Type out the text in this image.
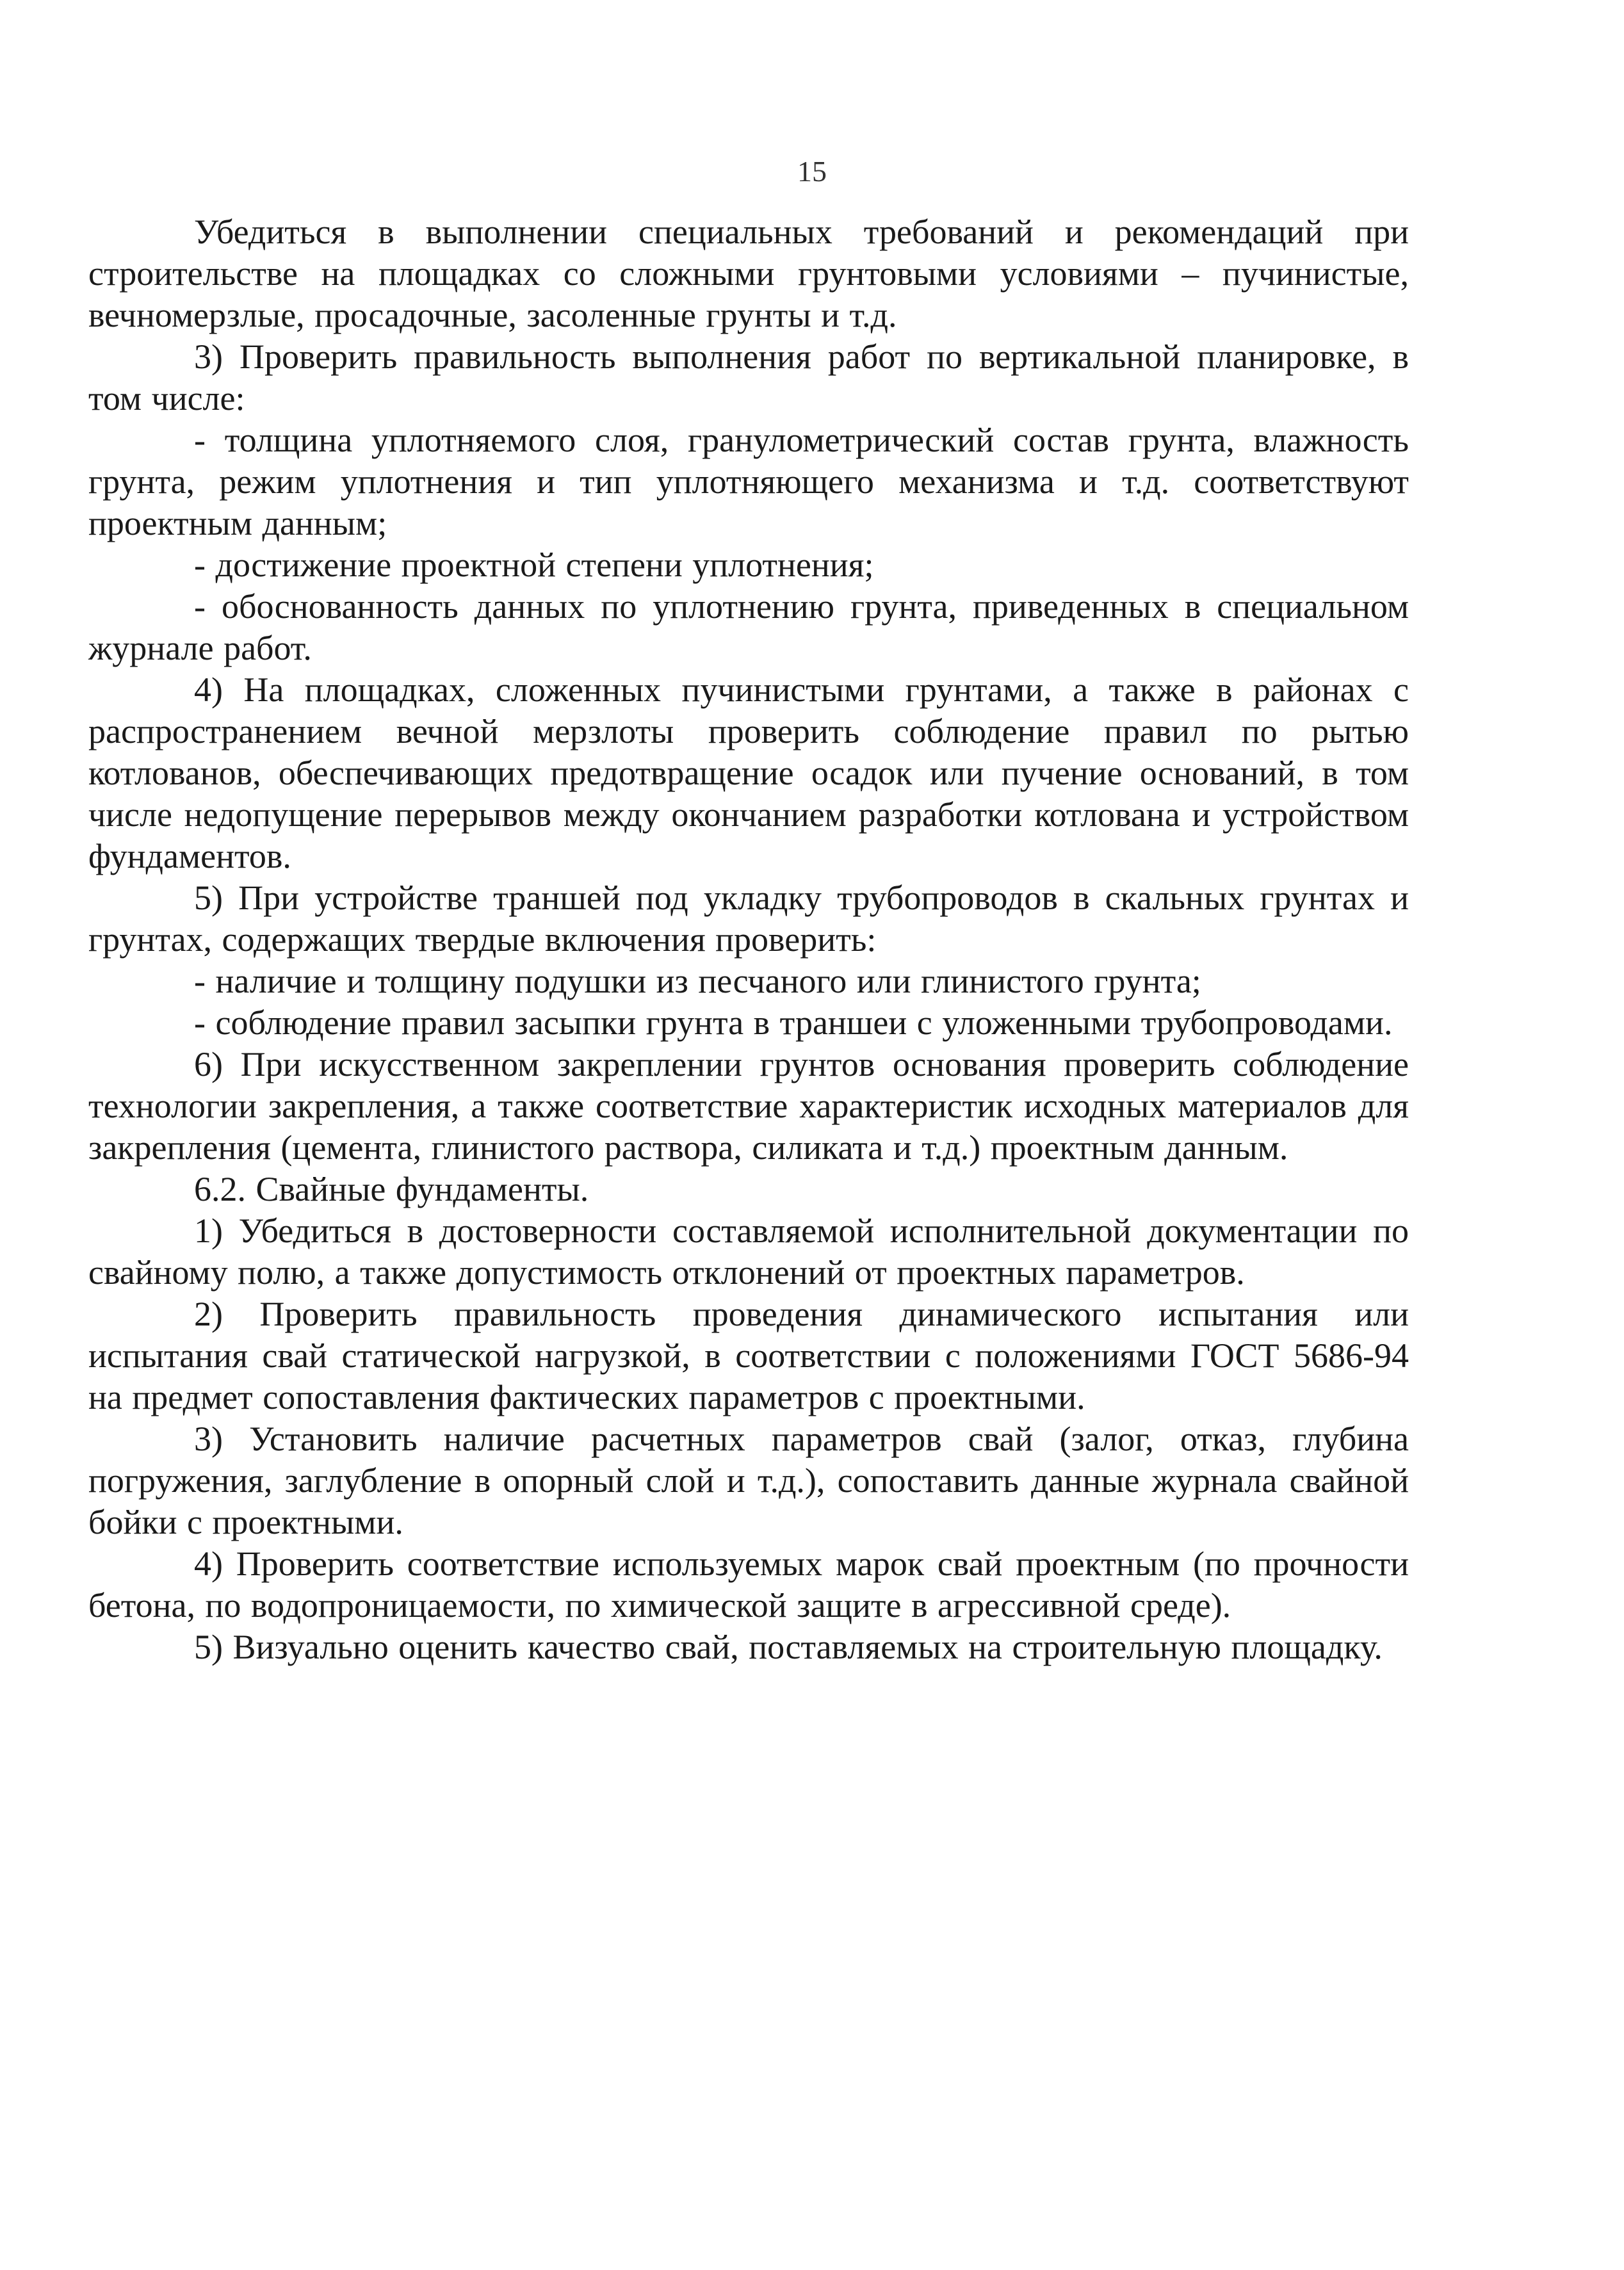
15

Убедиться в выполнении специальных требований и рекомендаций при строительстве на площадках со сложными грунтовыми условиями – пучинистые, вечномерзлые, просадочные, засоленные грунты и т.д.

3) Проверить правильность выполнения работ по вертикальной планировке, в том числе:

- толщина уплотняемого слоя, гранулометрический состав грунта, влажность грунта, режим уплотнения и тип уплотняющего механизма и т.д. соответствуют проектным данным;

- достижение проектной степени уплотнения;

- обоснованность данных по уплотнению грунта, приведенных в специальном журнале работ.

4) На площадках, сложенных пучинистыми грунтами, а также в районах с распространением вечной мерзлоты проверить соблюдение правил по рытью котлованов, обеспечивающих предотвращение осадок или пучение оснований, в том числе недопущение перерывов между окончанием разработки котлована и устройством фундаментов.

5) При устройстве траншей под укладку трубопроводов в скальных грунтах и грунтах, содержащих твердые включения проверить:

- наличие и толщину подушки из песчаного или глинистого грунта;

- соблюдение правил засыпки грунта в траншеи с уложенными трубопроводами.

6) При искусственном закреплении грунтов основания проверить соблюдение технологии закрепления, а также соответствие характеристик исходных материалов для закрепления (цемента, глинистого раствора, силиката и т.д.) проектным данным.

6.2. Свайные фундаменты.

1) Убедиться в достоверности составляемой исполнительной документации по свайному полю, а также допустимость отклонений от проектных параметров.

2) Проверить правильность проведения динамического испытания или испытания свай статической нагрузкой, в соответствии с положениями ГОСТ 5686-94 на предмет сопоставления фактических параметров с проектными.

3) Установить наличие расчетных параметров свай (залог, отказ, глубина погружения, заглубление в опорный слой и т.д.), сопоставить данные журнала свайной бойки с проектными.

4) Проверить соответствие используемых марок свай проектным (по прочности бетона, по водопроницаемости, по химической защите в агрессивной среде).

5) Визуально оценить качество свай, поставляемых на строительную площадку.
